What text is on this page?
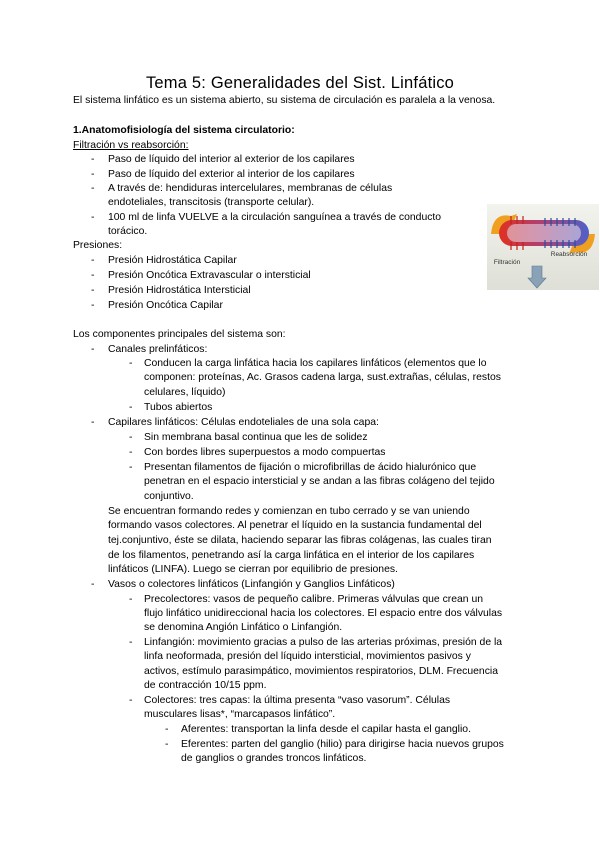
Tema 5: Generalidades del Sist. Linfático
El sistema linfático es un sistema abierto, su sistema de circulación es paralela a la venosa.
1.Anatomofisiología del sistema circulatorio:
Filtración vs reabsorción:
- Paso de líquido del interior al exterior de los capilares
- Paso de líquido del exterior al interior de los capilares
- A través de: hendiduras intercelulares, membranas de células
endoteliales, transcitosis (transporte celular).
- 100 ml de linfa VUELVE a la circulación sanguínea a través de conducto
torácico.
Presiones:
- Presión Hidrostática Capilar
- Presión Oncótica Extravascular o intersticial
- Presión Hidrostática Intersticial
- Presión Oncótica Capilar
Reabsorción
Filtración
Los componentes principales del sistema son:
- Canales prelinfáticos:
- Conducen la carga linfática hacia los capilares linfáticos (elementos que lo
componen: proteínas, Ac. Grasos cadena larga, sust.extrañas, células, restos
celulares, líquido)
- Tubos abiertos
- Capilares linfáticos: Células endoteliales de una sola capa:
- Sin membrana basal continua que les de solidez
- Con bordes libres superpuestos a modo compuertas
- Presentan filamentos de fijación o microfibrillas de ácido hialurónico que
penetran en el espacio intersticial y se andan a las fibras colágeno del tejido
conjuntivo.
Se encuentran formando redes y comienzan en tubo cerrado y se van uniendo
formando vasos colectores. Al penetrar el líquido en la sustancia fundamental del
tej.conjuntivo, éste se dilata, haciendo separar las fibras colágenas, las cuales tiran
de los filamentos, penetrando así la carga linfática en el interior de los capilares
linfáticos (LINFA). Luego se cierran por equilibrio de presiones.
- Vasos o colectores linfáticos (Linfangión y Ganglios Linfáticos)
- Precolectores: vasos de pequeño calibre. Primeras válvulas que crean un
flujo linfático unidireccional hacia los colectores. El espacio entre dos válvulas
se denomina Angión Linfático o Linfangión.
- Linfangión: movimiento gracias a pulso de las arterias próximas, presión de la
linfa neoformada, presión del líquido intersticial, movimientos pasivos y
activos, estímulo parasimpático, movimientos respiratorios, DLM. Frecuencia
de contracción 10/15 ppm.
- Colectores: tres capas: la última presenta “vaso vasorum”. Células
musculares lisas*, “marcapasos linfático”.
- Aferentes: transportan la linfa desde el capilar hasta el ganglio.
- Eferentes: parten del ganglio (hilio) para dirigirse hacia nuevos grupos
de ganglios o grandes troncos linfáticos.
